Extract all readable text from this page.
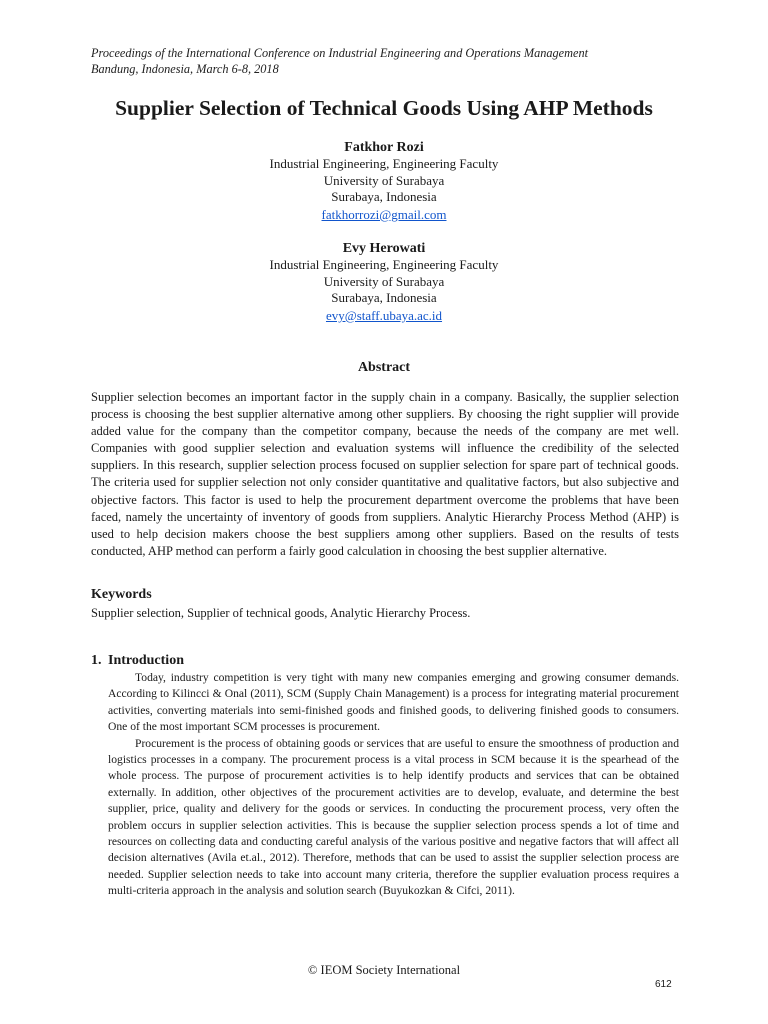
Proceedings of the International Conference on Industrial Engineering and Operations Management
Bandung, Indonesia, March 6-8, 2018
Supplier Selection of Technical Goods Using AHP Methods
Fatkhor Rozi
Industrial Engineering, Engineering Faculty
University of Surabaya
Surabaya, Indonesia
fatkhorrozi@gmail.com
Evy Herowati
Industrial Engineering, Engineering Faculty
University of Surabaya
Surabaya, Indonesia
evy@staff.ubaya.ac.id
Abstract
Supplier selection becomes an important factor in the supply chain in a company. Basically, the supplier selection process is choosing the best supplier alternative among other suppliers. By choosing the right supplier will provide added value for the company than the competitor company, because the needs of the company are met well. Companies with good supplier selection and evaluation systems will influence the credibility of the selected suppliers. In this research, supplier selection process focused on supplier selection for spare part of technical goods. The criteria used for supplier selection not only consider quantitative and qualitative factors, but also subjective and objective factors. This factor is used to help the procurement department overcome the problems that have been faced, namely the uncertainty of inventory of goods from suppliers. Analytic Hierarchy Process Method (AHP) is used to help decision makers choose the best suppliers among other suppliers. Based on the results of tests conducted, AHP method can perform a fairly good calculation in choosing the best supplier alternative.
Keywords
Supplier selection, Supplier of technical goods, Analytic Hierarchy Process.
1. Introduction

Today, industry competition is very tight with many new companies emerging and growing consumer demands. According to Kilincci & Onal (2011), SCM (Supply Chain Management) is a process for integrating material procurement activities, converting materials into semi-finished goods and finished goods, to delivering finished goods to consumers. One of the most important SCM processes is procurement.

Procurement is the process of obtaining goods or services that are useful to ensure the smoothness of production and logistics processes in a company. The procurement process is a vital process in SCM because it is the spearhead of the whole process. The purpose of procurement activities is to help identify products and services that can be obtained externally. In addition, other objectives of the procurement activities are to develop, evaluate, and determine the best supplier, price, quality and delivery for the goods or services. In conducting the procurement process, very often the problem occurs in supplier selection activities. This is because the supplier selection process spends a lot of time and resources on collecting data and conducting careful analysis of the various positive and negative factors that will affect all decision alternatives (Avila et.al., 2012). Therefore, methods that can be used to assist the supplier selection process are needed. Supplier selection needs to take into account many criteria, therefore the supplier evaluation process requires a multi-criteria approach in the analysis and solution search (Buyukozkan & Cifci, 2011).

© IEOM Society International
612
